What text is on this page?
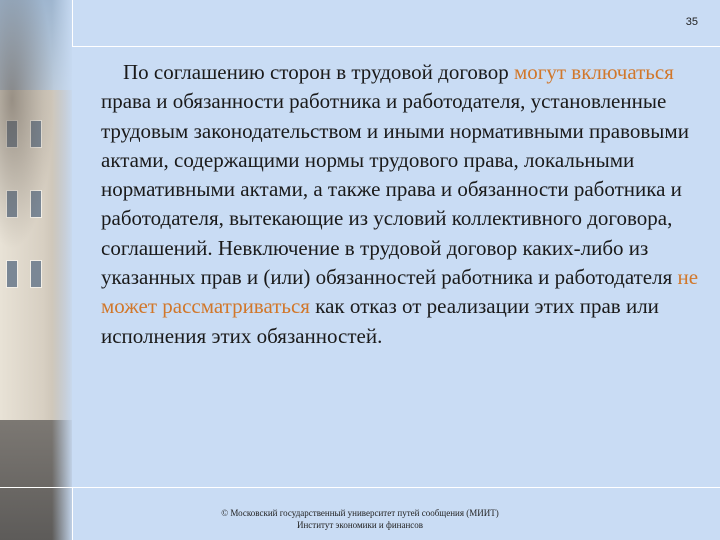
35

По соглашению сторон в трудовой договор могут включаться права и обязанности работника и работодателя, установленные трудовым законодательством и иными нормативными правовыми актами, содержащими нормы трудового права, локальными нормативными актами, а также права и обязанности работника и работодателя, вытекающие из условий коллективного договора, соглашений. Невключение в трудовой договор каких-либо из указанных прав и (или) обязанностей работника и работодателя не может рассматриваться как отказ от реализации этих прав или исполнения этих обязанностей.

© Московский государственный университет путей сообщения (МИИТ)
Институт экономики и финансов
